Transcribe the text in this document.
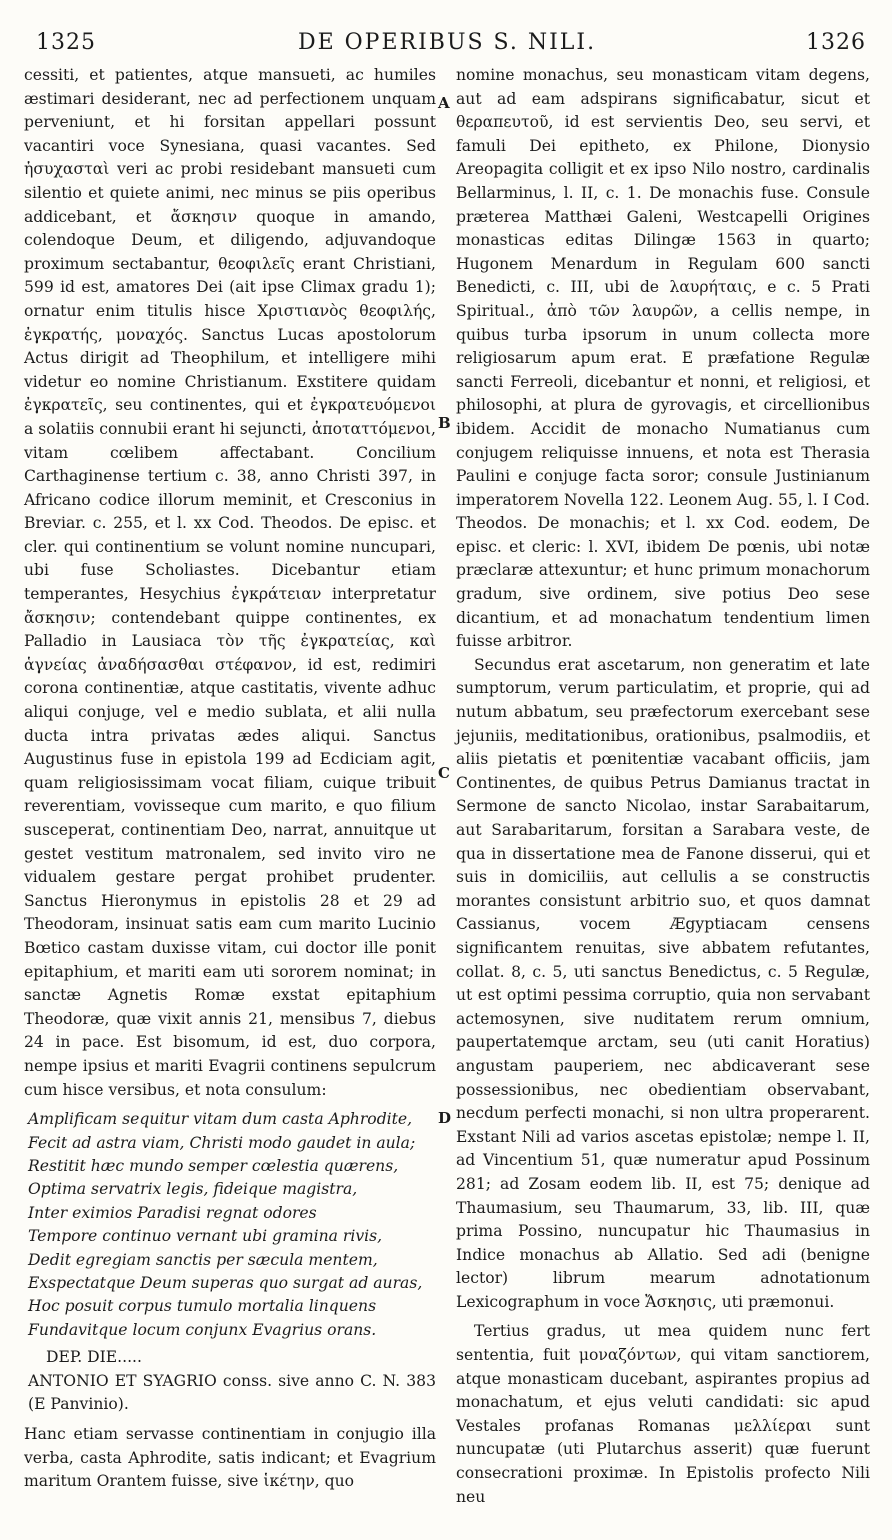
1325	DE OPERIBUS S. NILI.	1326

cessiti, et patientes, atque mansueti, ac humiles æstimari desiderant, nec ad perfectionem unquam perveniunt, et hi forsitan appellari possunt vacantiri voce Synesiana, quasi vacantes. Sed ἡσυχασταὶ veri ac probi residebant mansueti cum silentio et quiete animi, nec minus se piis operibus addicebant, et ἄσκησιν quoque in amando, colendoque Deum, et diligendo, adjuvandoque proximum sectabantur, θεοφιλεῖς erant Christiani, 599 id est, amatores Dei (ait ipse Climax gradu 1); ornatur enim titulis hisce Χριστιανὸς θεοφιλής, ἐγκρατής, μοναχός. Sanctus Lucas apostolorum Actus dirigit ad Theophilum, et intelligere mihi videtur eo nomine Christianum. Exstitere quidam ἐγκρατεῖς, seu continentes, qui et ἐγκρατευόμενοι a solatiis connubii erant hi sejuncti, ἀποταττόμενοι, vitam cœlibem affectabant. Concilium Carthaginense tertium c. 38, anno Christi 397, in Africano codice illorum meminit, et Cresconius in Breviar. c. 255, et l. xx Cod. Theodos. De episc. et cler. qui continentium se volunt nomine nuncupari, ubi fuse Scholiastes. Dicebantur etiam temperantes, Hesychius ἐγκράτειαν interpretatur ἄσκησιν; contendebant quippe continentes, ex Palladio in Lausiaca τὸν τῆς ἐγκρατείας, καὶ ἁγνείας ἀναδήσασθαι στέφανον, id est, redimiri corona continentiæ, atque castitatis, vivente adhuc aliqui conjuge, vel e medio sublata, et alii nulla ducta intra privatas ædes aliqui. Sanctus Augustinus fuse in epistola 199 ad Ecdiciam agit, quam religiosissimam vocat filiam, cuique tribuit reverentiam, vovisseque cum marito, e quo filium susceperat, continentiam Deo, narrat, annuitque ut gestet vestitum matronalem, sed invito viro ne vidualem gestare pergat prohibet prudenter. Sanctus Hieronymus in epistolis 28 et 29 ad Theodoram, insinuat satis eam cum marito Lucinio Bœtico castam duxisse vitam, cui doctor ille ponit epitaphium, et mariti eam uti sororem nominat; in sanctæ Agnetis Romæ exstat epitaphium Theodoræ, quæ vixit annis 21, mensibus 7, diebus 24 in pace. Est bisomum, id est, duo corpora, nempe ipsius et mariti Evagrii continens sepulcrum cum hisce versibus, et nota consulum:

Amplificam sequitur vitam dum casta Aphrodite,
Fecit ad astra viam, Christi modo gaudet in aula;
Restitit hæc mundo semper cœlestia quærens,
Optima servatrix legis, fideique magistra,
Inter eximios Paradisi regnat odores
Tempore continuo vernant ubi gramina rivis,
Dedit egregiam sanctis per sæcula mentem,
Exspectatque Deum superas quo surgat ad auras,
Hoc posuit corpus tumulo mortalia linquens
Fundavitque locum conjunx Evagrius orans.
DEP. DIE.....
ANTONIO ET SYAGRIO conss. sive anno C. N. 383 (E Panvinio).

Hanc etiam servasse continentiam in conjugio illa verba, casta Aphrodite, satis indicant; et Evagrium maritum Orantem fuisse, sive ἱκέτην, quo

nomine monachus, seu monasticam vitam degens, aut ad eam adspirans significabatur, sicut et θεραπευτοῦ, id est servientis Deo, seu servi, et famuli Dei epitheto, ex Philone, Dionysio Areopagita colligit et ex ipso Nilo nostro, cardinalis Bellarminus, l. II, c. 1. De monachis fuse. Consule præterea Matthæi Galeni, Westcapelli Origines monasticas editas Dilingæ 1563 in quarto; Hugonem Menardum in Regulam 600 sancti Benedicti, c. III, ubi de λαυρήταις, e c. 5 Prati Spiritual., ἀπὸ τῶν λαυρῶν, a cellis nempe, in quibus turba ipsorum in unum collecta more religiosarum apum erat. E præfatione Regulæ sancti Ferreoli, dicebantur et nonni, et religiosi, et philosophi, at plura de gyrovagis, et circellionibus ibidem. Accidit de monacho Numatianus cum conjugem reliquisse innuens, et nota est Therasia Paulini e conjuge facta soror; consule Justinianum imperatorem Novella 122. Leonem Aug. 55, l. I Cod. Theodos. De monachis; et l. xx Cod. eodem, De episc. et cleric: l. XVI, ibidem De pœnis, ubi notæ præclaræ attexuntur; et hunc primum monachorum gradum, sive ordinem, sive potius Deo sese dicantium, et ad monachatum tendentium limen fuisse arbitror.

Secundus erat ascetarum, non generatim et late sumptorum, verum particulatim, et proprie, qui ad nutum abbatum, seu præfectorum exercebant sese jejuniis, meditationibus, orationibus, psalmodiis, et aliis pietatis et pœnitentiæ vacabant officiis, jam Continentes, de quibus Petrus Damianus tractat in Sermone de sancto Nicolao, instar Sarabaitarum, aut Sarabaritarum, forsitan a Sarabara veste, de qua in dissertatione mea de Fanone disserui, qui et suis in domiciliis, aut cellulis a se constructis morantes consistunt arbitrio suo, et quos damnat Cassianus, vocem Ægyptiacam censens significantem renuitas, sive abbatem refutantes, collat. 8, c. 5, uti sanctus Benedictus, c. 5 Regulæ, ut est optimi pessima corruptio, quia non servabant actemosynen, sive nuditatem rerum omnium, paupertatemque arctam, seu (uti canit Horatius) angustam pauperiem, nec abdicaverant sese possessionibus, nec obedientiam observabant, necdum perfecti monachi, si non ultra properarent. Exstant Nili ad varios ascetas epistolæ; nempe l. II, ad Vincentium 51, quæ numeratur apud Possinum 281; ad Zosam eodem lib. II, est 75; denique ad Thaumasium, seu Thaumarum, 33, lib. III, quæ prima Possino, nuncupatur hic Thaumasius in Indice monachus ab Allatio. Sed adi (benigne lector) librum mearum adnotationum Lexicographum in voce Ἄσκησις, uti præmonui.

Tertius gradus, ut mea quidem nunc fert sententia, fuit μοναζόντων, qui vitam sanctiorem, atque monasticam ducebant, aspirantes propius ad monachatum, et ejus veluti candidati: sic apud Vestales profanas Romanas μελλίεραι sunt nuncupatæ (uti Plutarchus asserit) quæ fuerunt consecrationi proximæ. In Epistolis profecto Nili neu

A
B
C
D
